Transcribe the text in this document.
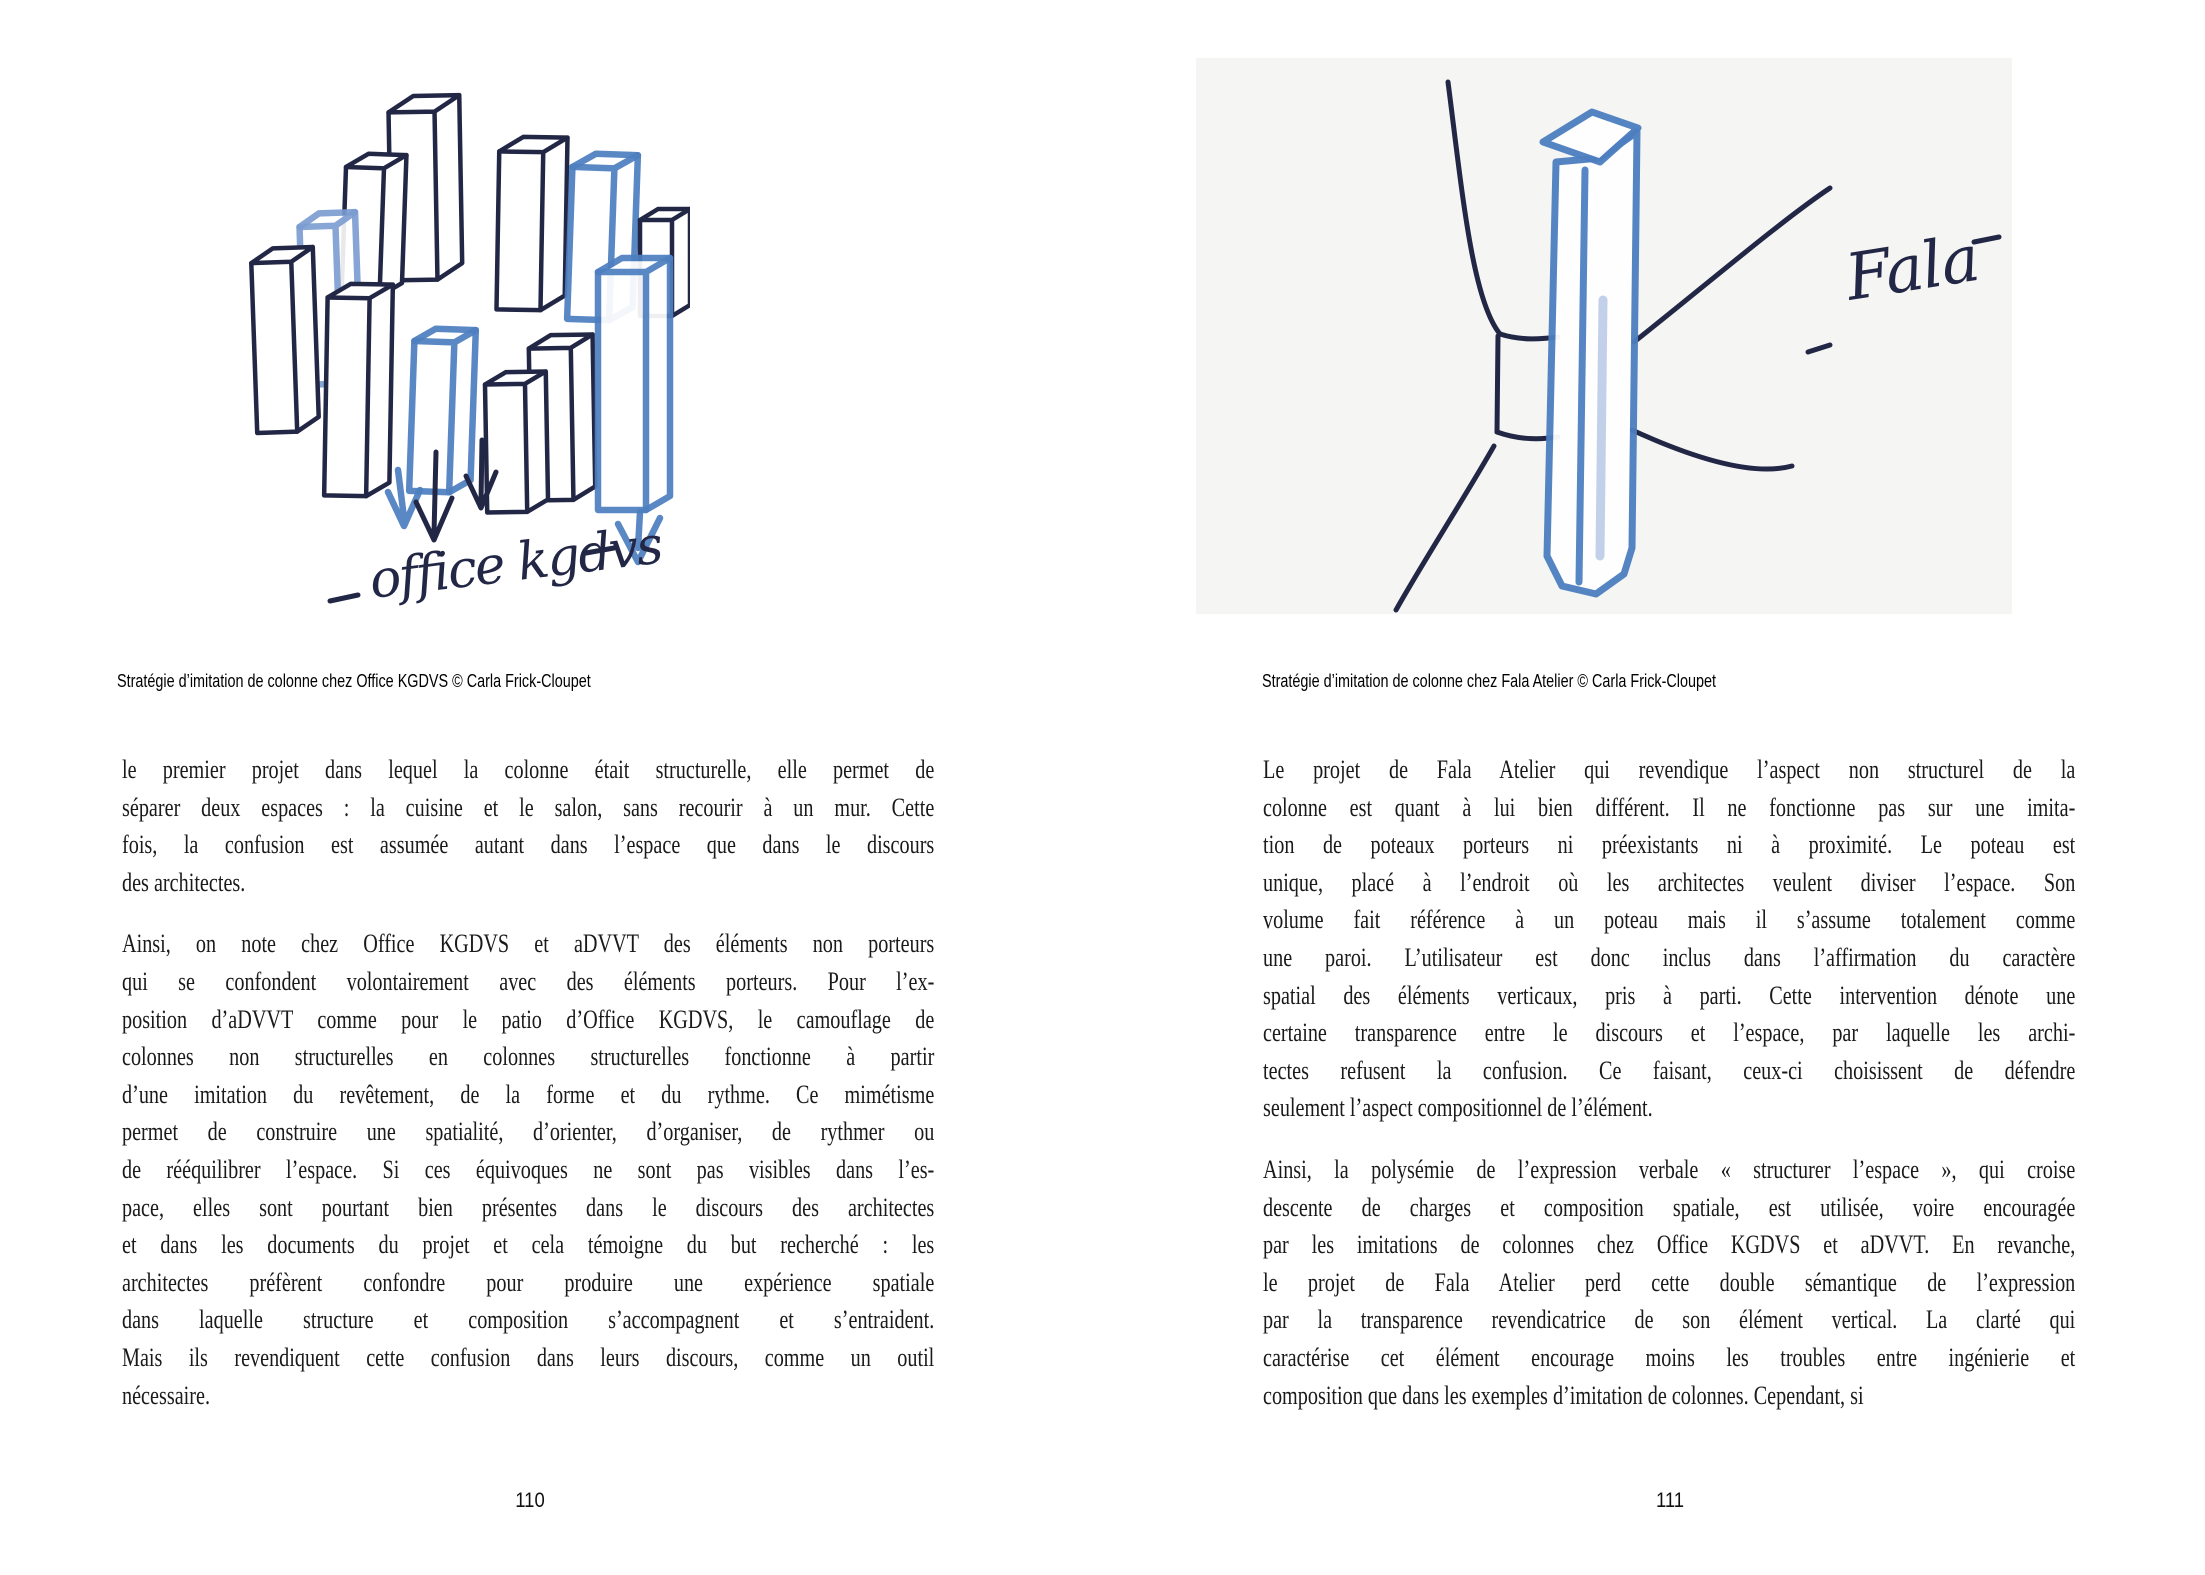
office kgdvs
Stratégie d’imitation de colonne chez Office KGDVS © Carla Frick-Cloupet
le premier projet dans lequel la colonne était structurelle, elle permet de
séparer deux espaces : la cuisine et le salon, sans recourir à un mur. Cette
fois, la confusion est assumée autant dans l’espace que dans le discours
des architectes.
Ainsi, on note chez Office KGDVS et aDVVT des éléments non porteurs
qui se confondent volontairement avec des éléments porteurs. Pour l’ex-
position d’aDVVT comme pour le patio d’Office KGDVS, le camouflage de
colonnes non structurelles en colonnes structurelles fonctionne à partir
d’une imitation du revêtement, de la forme et du rythme. Ce mimétisme
permet de construire une spatialité, d’orienter, d’organiser, de rythmer ou
de rééquilibrer l’espace. Si ces équivoques ne sont pas visibles dans l’es-
pace, elles sont pourtant bien présentes dans le discours des architectes
et dans les documents du projet et cela témoigne du but recherché : les
architectes préfèrent confondre pour produire une expérience spatiale
dans laquelle structure et composition s’accompagnent et s’entraident.
Mais ils revendiquent cette confusion dans leurs discours, comme un outil
nécessaire.
110
Fala
Stratégie d’imitation de colonne chez Fala Atelier © Carla Frick-Cloupet
Le projet de Fala Atelier qui revendique l’aspect non structurel de la
colonne est quant à lui bien différent. Il ne fonctionne pas sur une imita-
tion de poteaux porteurs ni préexistants ni à proximité. Le poteau est
unique, placé à l’endroit où les architectes veulent diviser l’espace. Son
volume fait référence à un poteau mais il s’assume totalement comme
une paroi. L’utilisateur est donc inclus dans l’affirmation du caractère
spatial des éléments verticaux, pris à parti. Cette intervention dénote une
certaine transparence entre le discours et l’espace, par laquelle les archi-
tectes refusent la confusion. Ce faisant, ceux-ci choisissent de défendre
seulement l’aspect compositionnel de l’élément.
Ainsi, la polysémie de l’expression verbale « structurer l’espace », qui croise
descente de charges et composition spatiale, est utilisée, voire encouragée
par les imitations de colonnes chez Office KGDVS et aDVVT. En revanche,
le projet de Fala Atelier perd cette double sémantique de l’expression
par la transparence revendicatrice de son élément vertical. La clarté qui
caractérise cet élément encourage moins les troubles entre ingénierie et
composition que dans les exemples d’imitation de colonnes. Cependant, si
111
